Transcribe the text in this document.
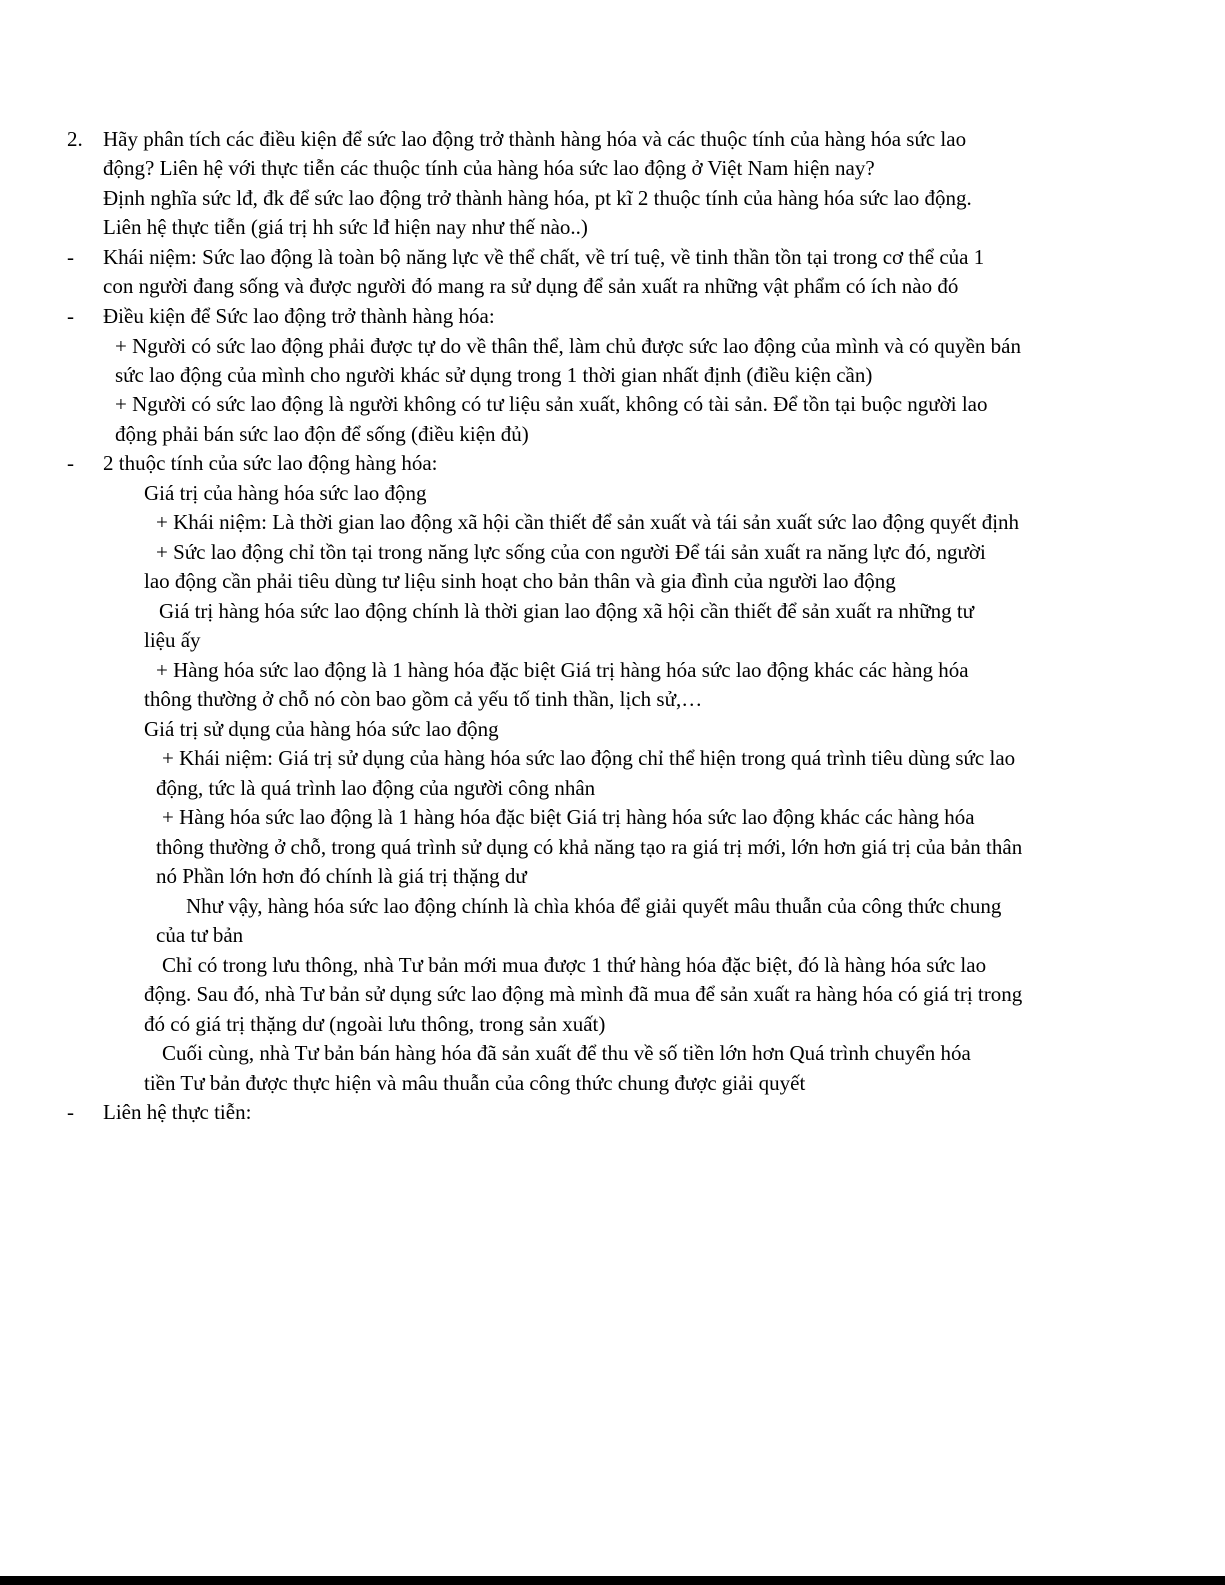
2. Hãy phân tích các điều kiện để sức lao động trở thành hàng hóa và các thuộc tính của hàng hóa sức lao
động? Liên hệ với thực tiễn các thuộc tính của hàng hóa sức lao động ở Việt Nam hiện nay?
Định nghĩa sức lđ, đk để sức lao động trở thành hàng hóa, pt kĩ 2 thuộc tính của hàng hóa sức lao động.
Liên hệ thực tiễn (giá trị hh sức lđ hiện nay như thế nào..)
- Khái niệm: Sức lao động là toàn bộ năng lực về thể chất, về trí tuệ, về tinh thần tồn tại trong cơ thể của 1
con người đang sống và được người đó mang ra sử dụng để sản xuất ra những vật phẩm có ích nào đó
- Điều kiện để Sức lao động trở thành hàng hóa:
+ Người có sức lao động phải được tự do về thân thể, làm chủ được sức lao động của mình và có quyền bán
sức lao động của mình cho người khác sử dụng trong 1 thời gian nhất định (điều kiện cần)
+ Người có sức lao động là người không có tư liệu sản xuất, không có tài sản. Để tồn tại buộc người lao
động phải bán sức lao độn để sống (điều kiện đủ)
- 2 thuộc tính của sức lao động hàng hóa:
Giá trị của hàng hóa sức lao động
+ Khái niệm: Là thời gian lao động xã hội cần thiết để sản xuất và tái sản xuất sức lao động quyết định
+ Sức lao động chỉ tồn tại trong năng lực sống của con người Để tái sản xuất ra năng lực đó, người
lao động cần phải tiêu dùng tư liệu sinh hoạt cho bản thân và gia đình của người lao động
Giá trị hàng hóa sức lao động chính là thời gian lao động xã hội cần thiết để sản xuất ra những tư
liệu ấy
+ Hàng hóa sức lao động là 1 hàng hóa đặc biệt Giá trị hàng hóa sức lao động khác các hàng hóa
thông thường ở chỗ nó còn bao gồm cả yếu tố tinh thần, lịch sử,…
Giá trị sử dụng của hàng hóa sức lao động
+ Khái niệm: Giá trị sử dụng của hàng hóa sức lao động chỉ thể hiện trong quá trình tiêu dùng sức lao
động, tức là quá trình lao động của người công nhân
+ Hàng hóa sức lao động là 1 hàng hóa đặc biệt Giá trị hàng hóa sức lao động khác các hàng hóa
thông thường ở chỗ, trong quá trình sử dụng có khả năng tạo ra giá trị mới, lớn hơn giá trị của bản thân
nó Phần lớn hơn đó chính là giá trị thặng dư
Như vậy, hàng hóa sức lao động chính là chìa khóa để giải quyết mâu thuẫn của công thức chung
của tư bản
Chỉ có trong lưu thông, nhà Tư bản mới mua được 1 thứ hàng hóa đặc biệt, đó là hàng hóa sức lao
động. Sau đó, nhà Tư bản sử dụng sức lao động mà mình đã mua để sản xuất ra hàng hóa có giá trị trong
đó có giá trị thặng dư (ngoài lưu thông, trong sản xuất)
Cuối cùng, nhà Tư bản bán hàng hóa đã sản xuất để thu về số tiền lớn hơn Quá trình chuyển hóa
tiền Tư bản được thực hiện và mâu thuẫn của công thức chung được giải quyết
- Liên hệ thực tiễn:
